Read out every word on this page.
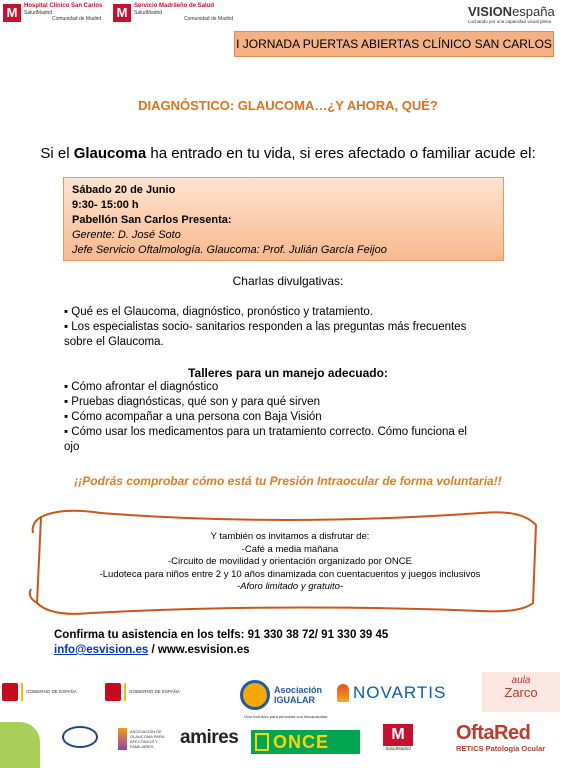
M	Hospital Clínico San Carlos
SaludMadrid
Comunidad de Madrid M	Servicio Madrileño de Salud
SaludMadrid
Comunidad de Madrid	VISIONespaña
Luchando por una capacidad visual plena
I JORNADA PUERTAS ABIERTAS CLÍNICO SAN CARLOS
DIAGNÓSTICO: GLAUCOMA…¿Y AHORA, QUÉ?
Si el Glaucoma ha entrado en tu vida, si eres afectado o familiar acude el:
Sábado 20 de Junio
9:30- 15:00 h
Pabellón San Carlos Presenta:
Gerente: D. José Soto
Jefe Servicio Oftalmología. Glaucoma: Prof. Julián García Feijoo
Charlas divulgativas:
▪ Qué es el Glaucoma, diagnóstico, pronóstico y tratamiento.
▪ Los especialistas socio- sanitarios responden a las preguntas más frecuentes sobre el Glaucoma.
Talleres para un manejo adecuado:
▪ Cómo afrontar el diagnóstico
▪ Pruebas diagnósticas, qué son y para qué sirven
▪ Cómo acompañar a una persona con Baja Visión
▪ Cómo usar los medicamentos para un tratamiento correcto. Cómo funciona el ojo
¡¡Podrás comprobar cómo está tu Presión Intraocular de forma voluntaria!!
Y también os invitamos a disfrutar de:
-Café a media mañana
-Circuito de movilidad y orientación organizado por ONCE
-Ludoteca para niños entre 2 y 10 años dinamizada con cuentacuentos y juegos inclusivos
-Aforo limitado y gratuito-
Confirma tu asistencia en los telfs: 91 330 38 72/ 91 330 39 45
info@esvision.es / www.esvision.es
GOBIERNO DE ESPAÑA	GOBIERNO DE ESPAÑA	Asociación
IGUALAR
Ocio inclusivo para personas con discapacidad
NOVARTIS
aula
Zarco
ASOCIACIÓN DE GLAUCOMA PARA AFECTADOS Y FAMILIARES	amires ONCE	M
SaludMadrid
OftaRed
RETICS Patología Ocular
